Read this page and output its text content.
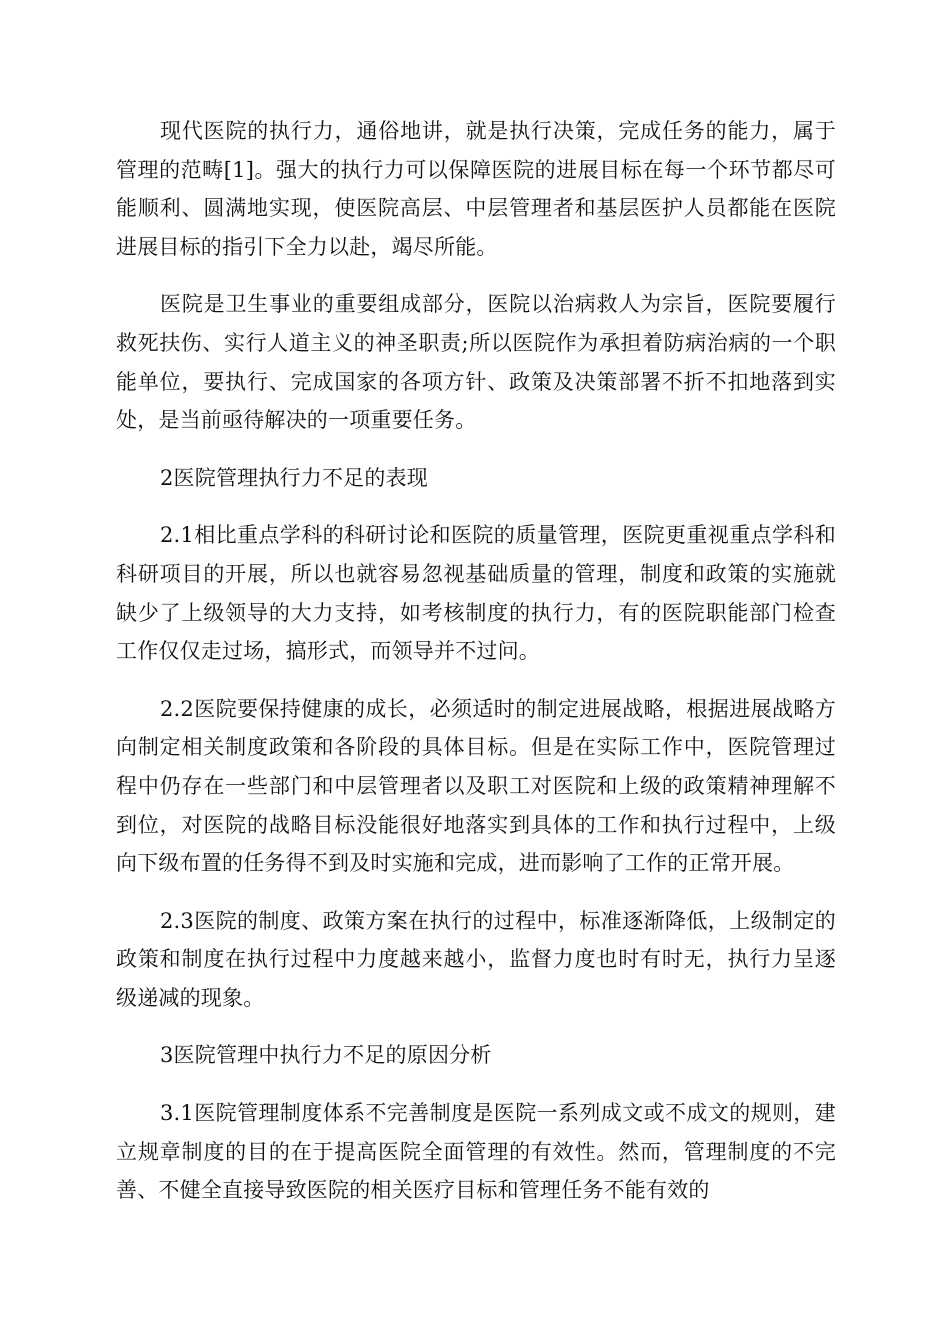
现代医院的执行力，通俗地讲，就是执行决策，完成任务的能力，属于管理的范畴[1]。强大的执行力可以保障医院的进展目标在每一个环节都尽可能顺利、圆满地实现，使医院高层、中层管理者和基层医护人员都能在医院进展目标的指引下全力以赴，竭尽所能。

医院是卫生事业的重要组成部分，医院以治病救人为宗旨，医院要履行救死扶伤、实行人道主义的神圣职责;所以医院作为承担着防病治病的一个职能单位，要执行、完成国家的各项方针、政策及决策部署不折不扣地落到实处，是当前亟待解决的一项重要任务。

2医院管理执行力不足的表现

2.1相比重点学科的科研讨论和医院的质量管理，医院更重视重点学科和科研项目的开展，所以也就容易忽视基础质量的管理，制度和政策的实施就缺少了上级领导的大力支持，如考核制度的执行力，有的医院职能部门检查工作仅仅走过场，搞形式，而领导并不过问。

2.2医院要保持健康的成长，必须适时的制定进展战略，根据进展战略方向制定相关制度政策和各阶段的具体目标。但是在实际工作中，医院管理过程中仍存在一些部门和中层管理者以及职工对医院和上级的政策精神理解不到位，对医院的战略目标没能很好地落实到具体的工作和执行过程中，上级向下级布置的任务得不到及时实施和完成，进而影响了工作的正常开展。

2.3医院的制度、政策方案在执行的过程中，标准逐渐降低，上级制定的政策和制度在执行过程中力度越来越小，监督力度也时有时无，执行力呈逐级递减的现象。

3医院管理中执行力不足的原因分析

3.1医院管理制度体系不完善制度是医院一系列成文或不成文的规则，建立规章制度的目的在于提高医院全面管理的有效性。然而，管理制度的不完善、不健全直接导致医院的相关医疗目标和管理任务不能有效的
